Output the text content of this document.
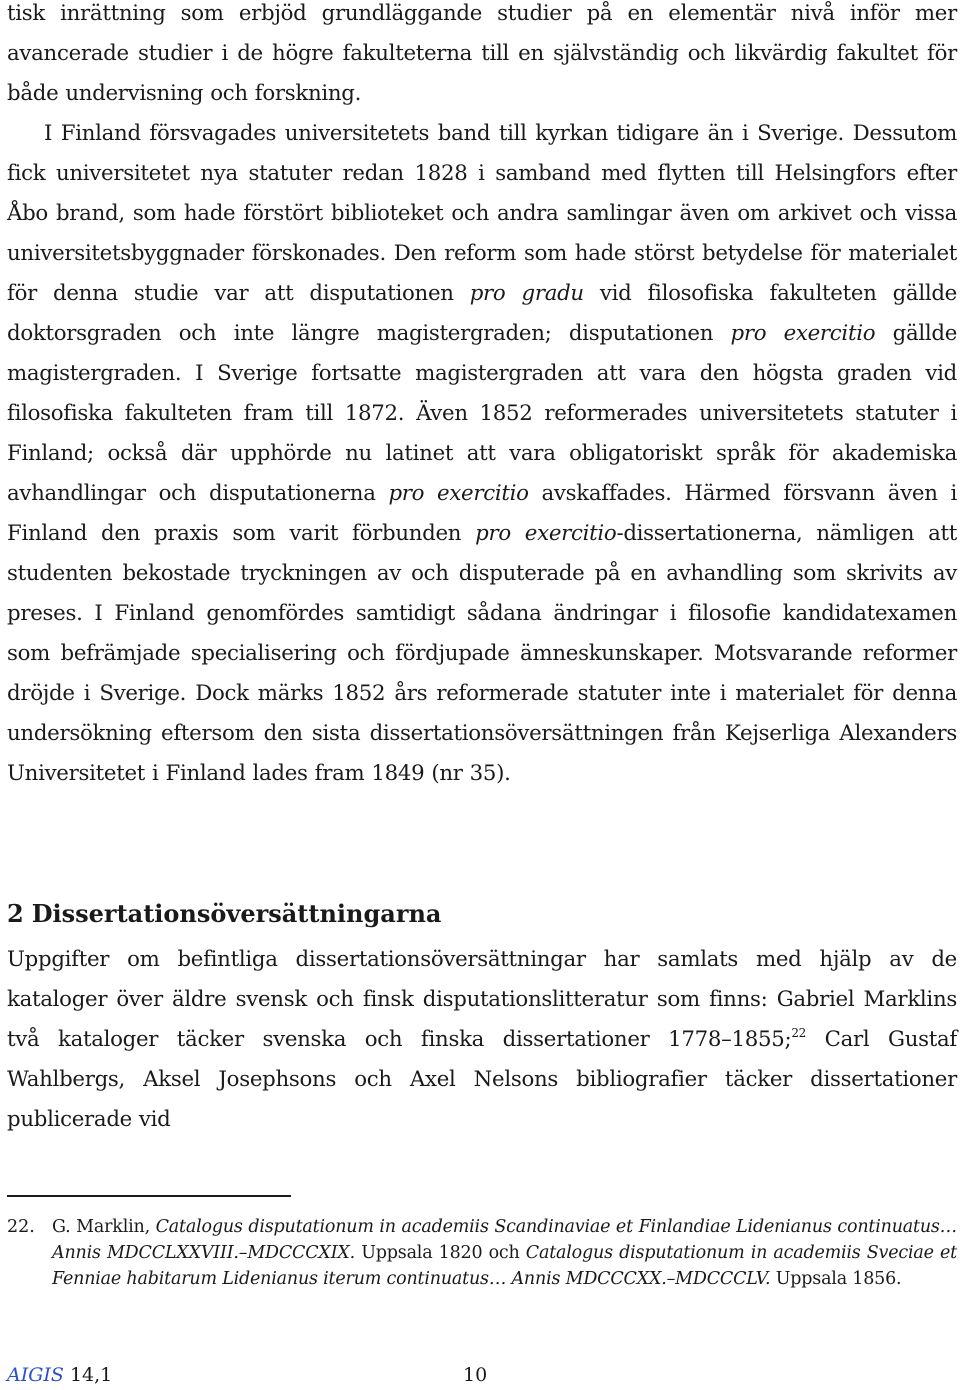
tisk inrättning som erbjöd grundläggande studier på en elementär nivå inför mer avancerade studier i de högre fakulteterna till en självständig och likvärdig fakultet för både undervisning och forskning.

I Finland försvagades universitetets band till kyrkan tidigare än i Sverige. Dessutom fick universitetet nya statuter redan 1828 i samband med flytten till Helsingfors efter Åbo brand, som hade förstört biblioteket och andra samlingar även om arkivet och vissa universitetsbyggnader förskonades. Den reform som hade störst betydelse för materialet för denna studie var att disputationen pro gradu vid filosofiska fakulteten gällde doktorsgraden och inte längre magistergraden; disputationen pro exercitio gällde magistergraden. I Sverige fortsatte magistergraden att vara den högsta graden vid filosofiska fakulteten fram till 1872. Även 1852 reformerades universitetets statuter i Finland; också där upphörde nu latinet att vara obligatoriskt språk för akademiska avhandlingar och disputationerna pro exercitio avskaffades. Härmed försvann även i Finland den praxis som varit förbunden pro exercitio-dissertationerna, nämligen att studenten bekostade tryckningen av och disputerade på en avhandling som skrivits av preses. I Finland genomfördes samtidigt sådana ändringar i filosofie kandidatexamen som befrämjade specialisering och fördjupade ämneskunskaper. Motsvarande reformer dröjde i Sverige. Dock märks 1852 års reformerade statuter inte i materialet för denna undersökning eftersom den sista dissertationsöversättningen från Kejserliga Alexanders Universitetet i Finland lades fram 1849 (nr 35).

2 Dissertationsöversättningarna

Uppgifter om befintliga dissertationsöversättningar har samlats med hjälp av de kataloger över äldre svensk och finsk disputationslitteratur som finns: Gabriel Marklins två kataloger täcker svenska och finska dissertationer 1778–1855;$^{22}$ Carl Gustaf Wahlbergs, Aksel Josephsons och Axel Nelsons bibliografier täcker dissertationer publicerade vid

22. G. Marklin, Catalogus disputationum in academiis Scandinaviae et Finlandiae Lidenianus continuatus… Annis MDCCLXXVIII.–MDCCCXIX. Uppsala 1820 och Catalogus disputationum in academiis Sveciae et Fenniae habitarum Lidenianus iterum continuatus… Annis MDCCCXX.–MDCCCLV. Uppsala 1856.
AIGIS 14,1	10
